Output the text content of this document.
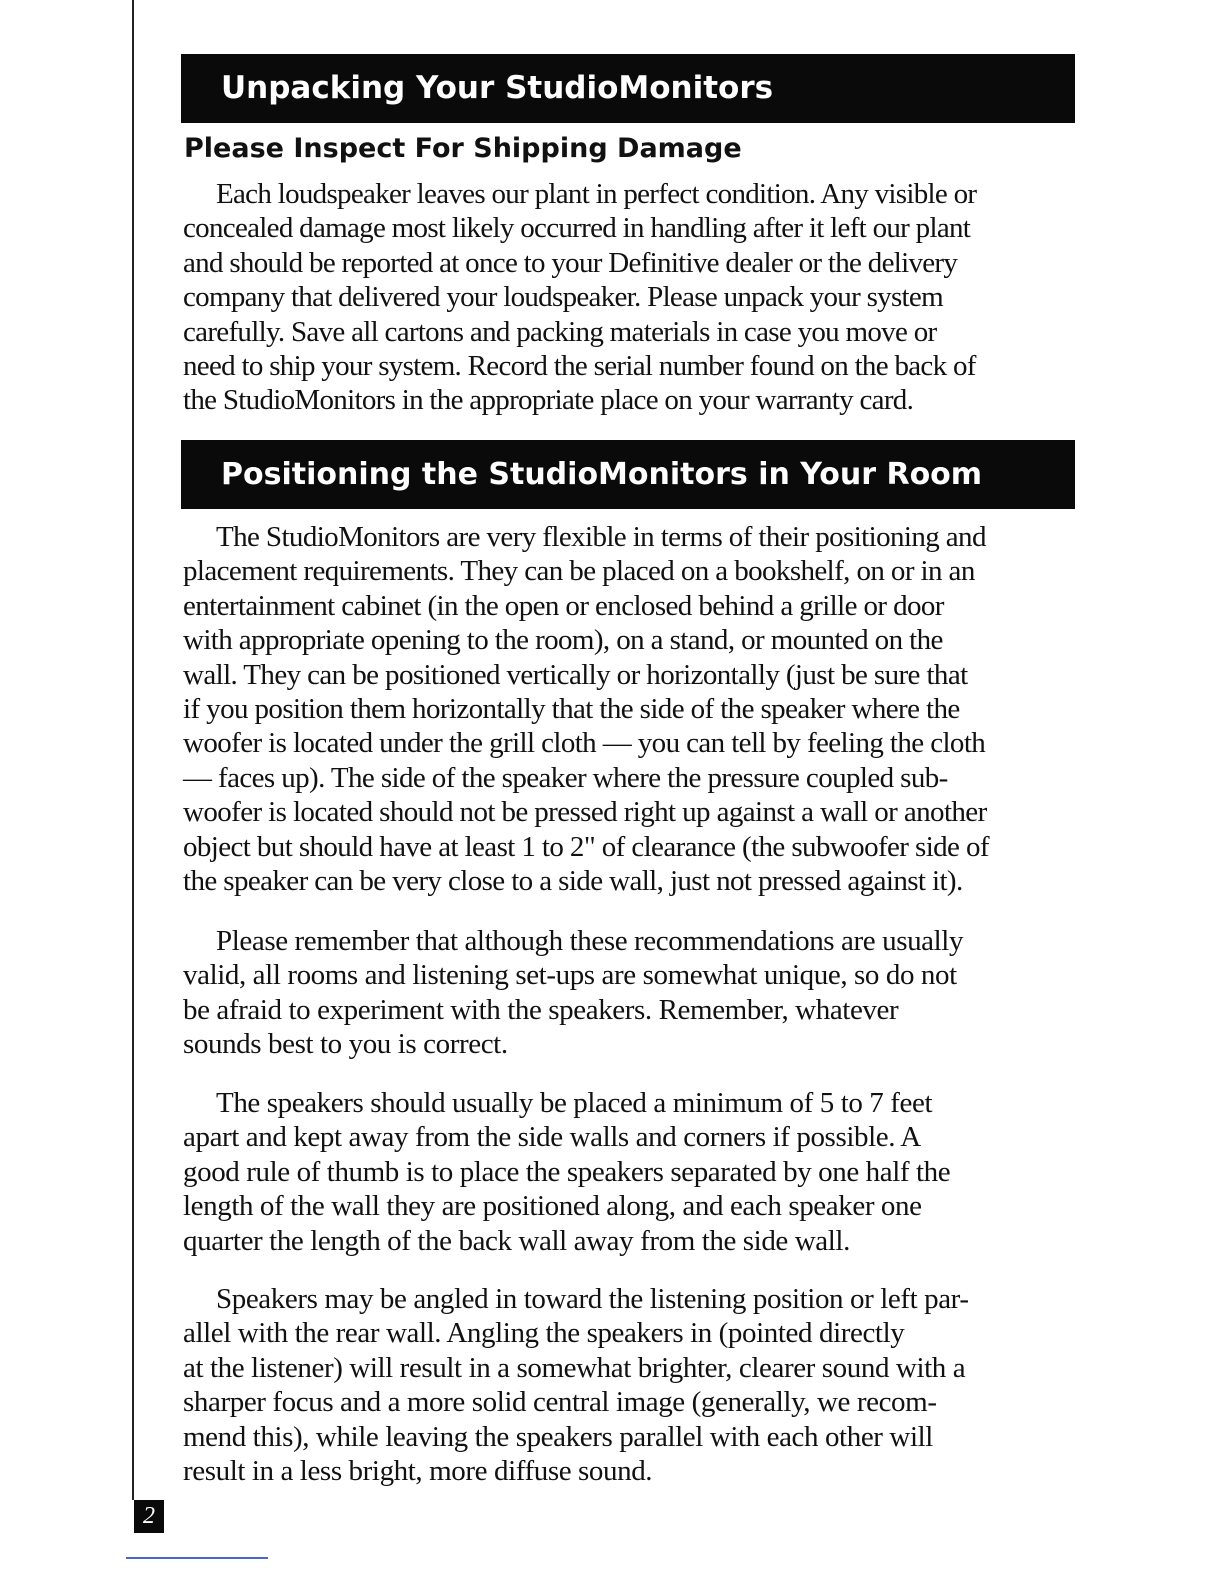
Unpacking Your StudioMonitors
Please Inspect For Shipping Damage

Each loudspeaker leaves our plant in perfect condition. Any visible or
concealed damage most likely occurred in handling after it left our plant
and should be reported at once to your Definitive dealer or the delivery
company that delivered your loudspeaker. Please unpack your system
carefully. Save all cartons and packing materials in case you move or
need to ship your system. Record the serial number found on the back of
the StudioMonitors in the appropriate place on your warranty card.

Positioning the StudioMonitors in Your Room

The StudioMonitors are very flexible in terms of their positioning and
placement requirements. They can be placed on a bookshelf, on or in an
entertainment cabinet (in the open or enclosed behind a grille or door
with appropriate opening to the room), on a stand, or mounted on the
wall. They can be positioned vertically or horizontally (just be sure that
if you position them horizontally that the side of the speaker where the
woofer is located under the grill cloth — you can tell by feeling the cloth
— faces up). The side of the speaker where the pressure coupled sub-
woofer is located should not be pressed right up against a wall or another
object but should have at least 1 to 2" of clearance (the subwoofer side of
the speaker can be very close to a side wall, just not pressed against it).

Please remember that although these recommendations are usually
valid, all rooms and listening set-ups are somewhat unique, so do not
be afraid to experiment with the speakers. Remember, whatever
sounds best to you is correct.

The speakers should usually be placed a minimum of 5 to 7 feet
apart and kept away from the side walls and corners if possible. A
good rule of thumb is to place the speakers separated by one half the
length of the wall they are positioned along, and each speaker one
quarter the length of the back wall away from the side wall.

Speakers may be angled in toward the listening position or left par-
allel with the rear wall. Angling the speakers in (pointed directly
at the listener) will result in a somewhat brighter, clearer sound with a
sharper focus and a more solid central image (generally, we recom-
mend this), while leaving the speakers parallel with each other will
result in a less bright, more diffuse sound.

2
